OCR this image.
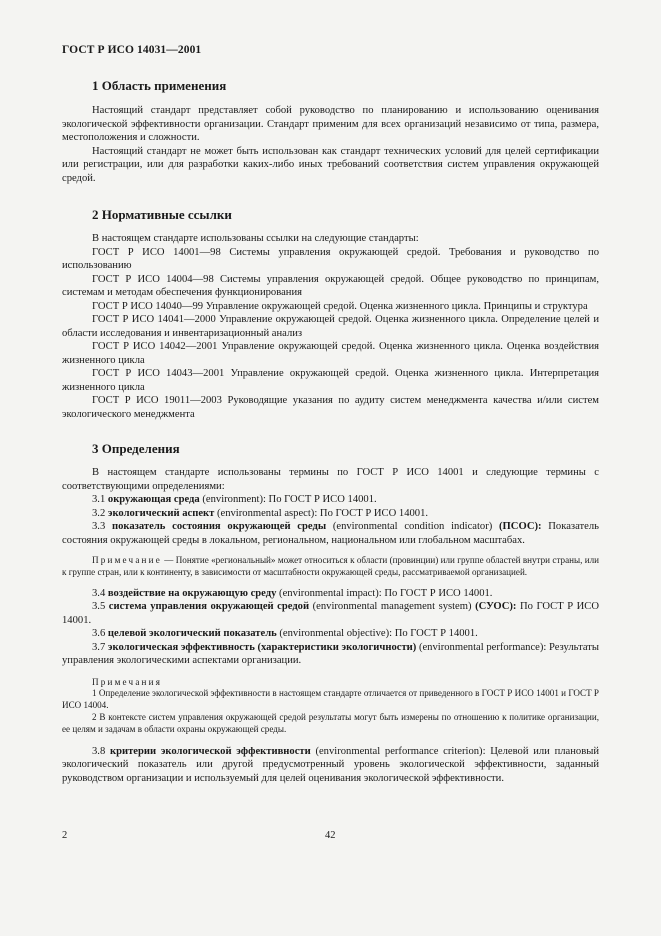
ГОСТ Р ИСО 14031—2001
1 Область применения

Настоящий стандарт представляет собой руководство по планированию и использованию оценивания экологической эффективности организации. Стандарт применим для всех организаций независимо от типа, размера, местоположения и сложности.

Настоящий стандарт не может быть использован как стандарт технических условий для целей сертификации или регистрации, или для разработки каких-либо иных требований соответствия систем управления окружающей средой.

2 Нормативные ссылки

В настоящем стандарте использованы ссылки на следующие стандарты:

ГОСТ Р ИСО 14001—98 Системы управления окружающей средой. Требования и руководство по использованию

ГОСТ Р ИСО 14004—98 Системы управления окружающей средой. Общее руководство по принципам, системам и методам обеспечения функционирования

ГОСТ Р ИСО 14040—99 Управление окружающей средой. Оценка жизненного цикла. Принципы и структура

ГОСТ Р ИСО 14041—2000 Управление окружающей средой. Оценка жизненного цикла. Определение целей и области исследования и инвентаризационный анализ

ГОСТ Р ИСО 14042—2001 Управление окружающей средой. Оценка жизненного цикла. Оценка воздействия жизненного цикла

ГОСТ Р ИСО 14043—2001 Управление окружающей средой. Оценка жизненного цикла. Интерпретация жизненного цикла

ГОСТ Р ИСО 19011—2003 Руководящие указания по аудиту систем менеджмента качества и/или систем экологического менеджмента

3 Определения

В настоящем стандарте использованы термины по ГОСТ Р ИСО 14001 и следующие термины с соответствующими определениями:

3.1 окружающая среда (environment): По ГОСТ Р ИСО 14001.

3.2 экологический аспект (environmental aspect): По ГОСТ Р ИСО 14001.

3.3 показатель состояния окружающей среды (environmental condition indicator) (ПСОС): Показатель состояния окружающей среды в локальном, региональном, национальном или глобальном масштабах.

Примечание — Понятие «региональный» может относиться к области (провинции) или группе областей внутри страны, или к группе стран, или к континенту, в зависимости от масштабности окружающей среды, рассматриваемой организацией.

3.4 воздействие на окружающую среду (environmental impact): По ГОСТ Р ИСО 14001.

3.5 система управления окружающей средой (environmental management system) (СУОС): По ГОСТ Р ИСО 14001.

3.6 целевой экологический показатель (environmental objective): По ГОСТ Р 14001.

3.7 экологическая эффективность (характеристики экологичности) (environmental performance): Результаты управления экологическими аспектами организации.

Примечания

1 Определение экологической эффективности в настоящем стандарте отличается от приведенного в ГОСТ Р ИСО 14001 и ГОСТ Р ИСО 14004.

2 В контексте систем управления окружающей средой результаты могут быть измерены по отношению к политике организации, ее целям и задачам в области охраны окружающей среды.

3.8 критерии экологической эффективности (environmental performance criterion): Целевой или плановый экологический показатель или другой предусмотренный уровень экологической эффективности, заданный руководством организации и используемый для целей оценивания экологической эффективности.

2	42
